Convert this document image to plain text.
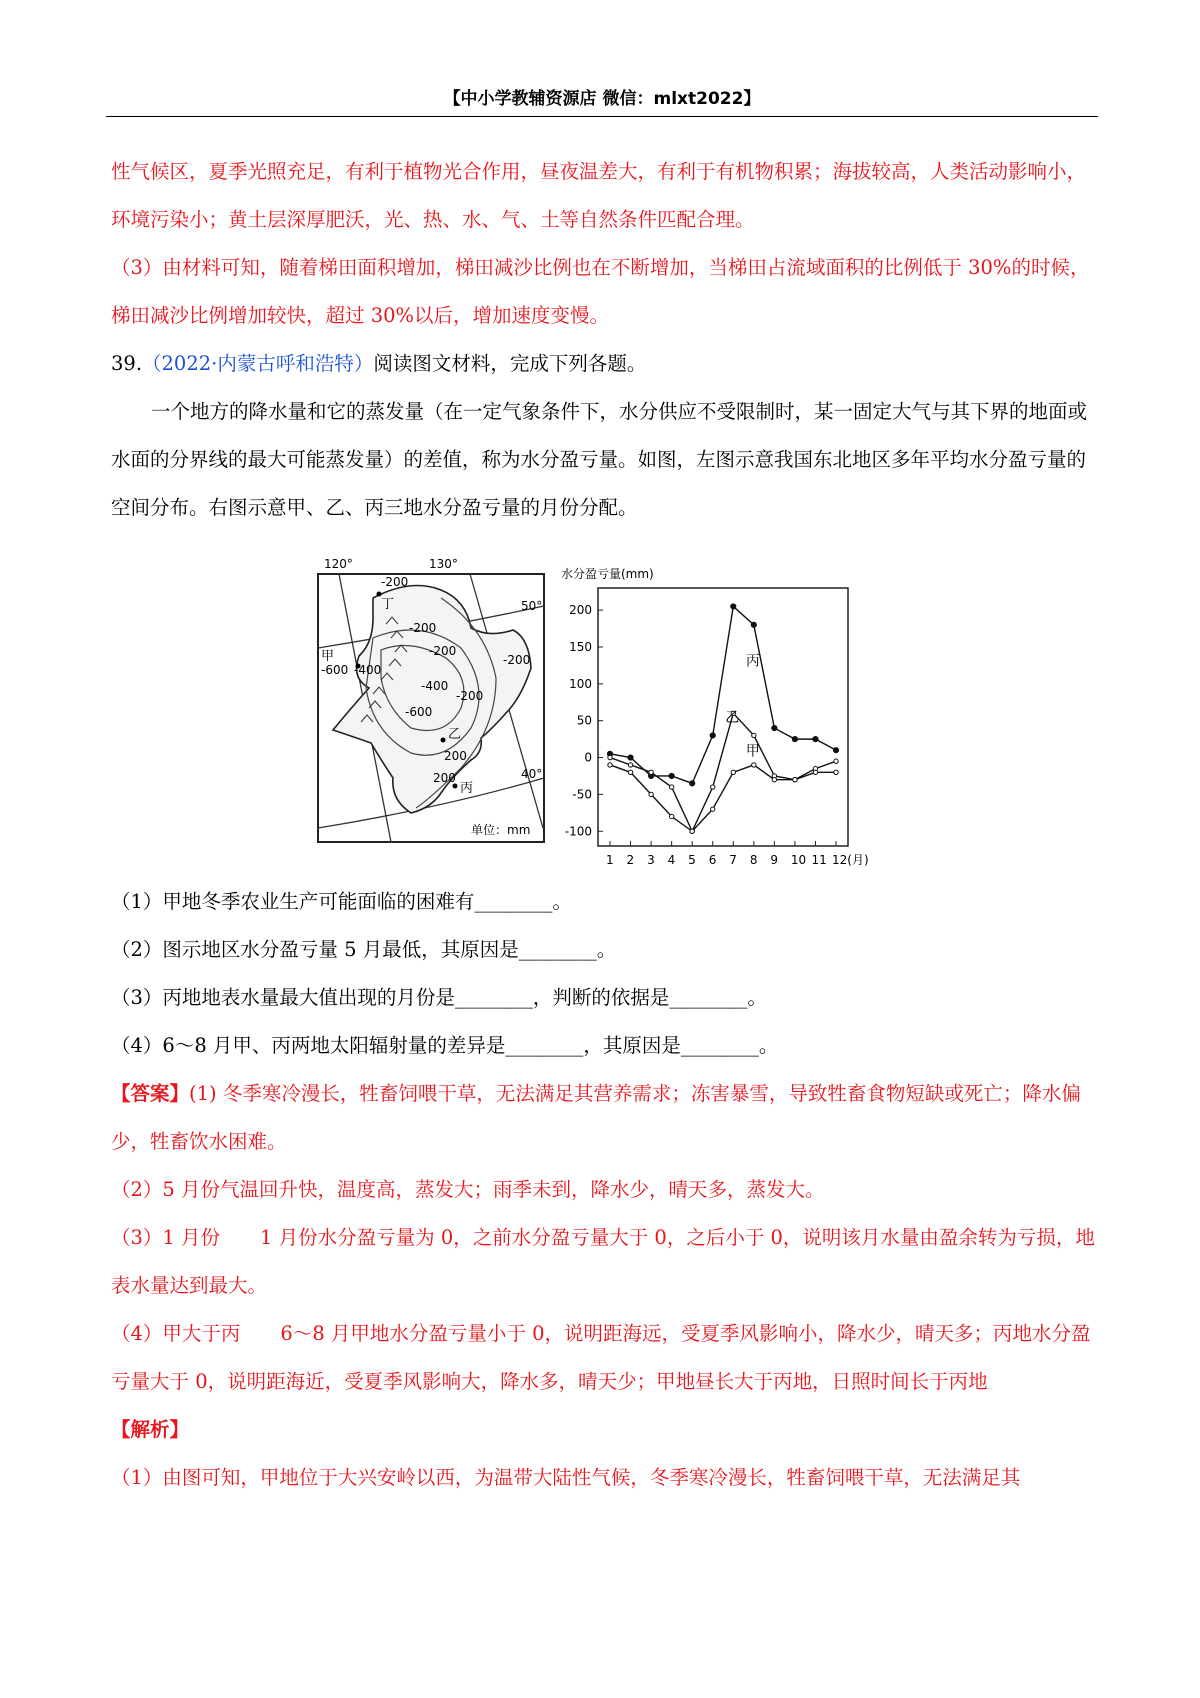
【中小学教辅资源店 微信：mlxt2022】

性气候区，夏季光照充足，有利于植物光合作用，昼夜温差大，有利于有机物积累；海拔较高，人类活动影响小，环境污染小；黄土层深厚肥沃，光、热、水、气、土等自然条件匹配合理。

（3）由材料可知，随着梯田面积增加，梯田减沙比例也在不断增加，当梯田占流域面积的比例低于 30%的时候，梯田减沙比例增加较快，超过 30%以后，增加速度变慢。

39.（2022·内蒙古呼和浩特）阅读图文材料，完成下列各题。

一个地方的降水量和它的蒸发量（在一定气象条件下，水分供应不受限制时，某一固定大气与其下界的地面或水面的分界线的最大可能蒸发量）的差值，称为水分盈亏量。如图，左图示意我国东北地区多年平均水分盈亏量的空间分布。右图示意甲、乙、丙三地水分盈亏量的月份分配。

120°	130°
50°
40°
-200
-600 -400
-200
-400
-200
-600
-200
-200
200
200
甲
乙
丙
丁
单位：mm
水分盈亏量(mm)
200
150
100
50
0
-50
-100
1 2 3 4 5 6 7 8 9 10 11 12(月)
丙
乙
甲

（1）甲地冬季农业生产可能面临的困难有________。

（2）图示地区水分盈亏量 5 月最低，其原因是________。

（3）丙地地表水量最大值出现的月份是________，判断的依据是________。

（4）6～8 月甲、丙两地太阳辐射量的差异是________，其原因是________。

【答案】(1) 冬季寒冷漫长，牲畜饲喂干草，无法满足其营养需求；冻害暴雪，导致牲畜食物短缺或死亡；降水偏少，牲畜饮水困难。

（2）5 月份气温回升快，温度高，蒸发大；雨季未到，降水少，晴天多，蒸发大。

（3）1 月份 1 月份水分盈亏量为 0，之前水分盈亏量大于 0，之后小于 0，说明该月水量由盈余转为亏损，地表水量达到最大。

（4）甲大于丙 6～8 月甲地水分盈亏量小于 0，说明距海远，受夏季风影响小，降水少，晴天多；丙地水分盈亏量大于 0，说明距海近，受夏季风影响大，降水多，晴天少；甲地昼长大于丙地，日照时间长于丙地

【解析】

（1）由图可知，甲地位于大兴安岭以西，为温带大陆性气候，冬季寒冷漫长，牲畜饲喂干草，无法满足其
